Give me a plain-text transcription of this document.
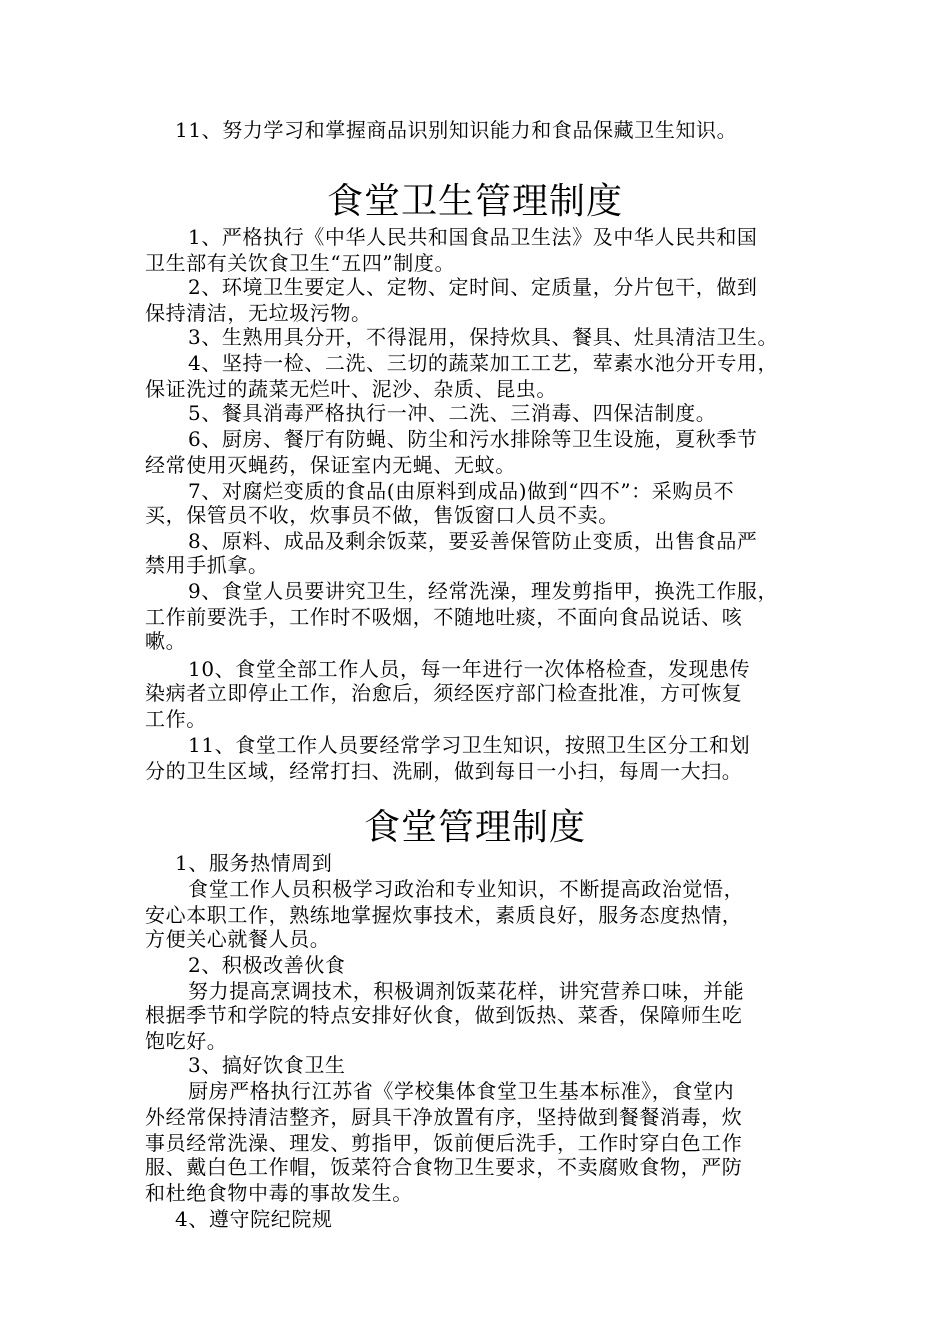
11、努力学习和掌握商品识别知识能力和食品保藏卫生知识。
食堂卫生管理制度
1、严格执行《中华人民共和国食品卫生法》及中华人民共和国
卫生部有关饮食卫生“五四”制度。
2、环境卫生要定人、定物、定时间、定质量，分片包干，做到
保持清洁，无垃圾污物。
3、生熟用具分开，不得混用，保持炊具、餐具、灶具清洁卫生。
4、坚持一检、二洗、三切的蔬菜加工工艺，荤素水池分开专用，
保证洗过的蔬菜无烂叶、泥沙、杂质、昆虫。
5、餐具消毒严格执行一冲、二洗、三消毒、四保洁制度。
6、厨房、餐厅有防蝇、防尘和污水排除等卫生设施，夏秋季节
经常使用灭蝇药，保证室内无蝇、无蚊。
7、对腐烂变质的食品(由原料到成品)做到“四不”：采购员不
买，保管员不收，炊事员不做，售饭窗口人员不卖。
8、原料、成品及剩余饭菜，要妥善保管防止变质，出售食品严
禁用手抓拿。
9、食堂人员要讲究卫生，经常洗澡，理发剪指甲，换洗工作服，
工作前要洗手，工作时不吸烟，不随地吐痰，不面向食品说话、咳
嗽。
10、食堂全部工作人员，每一年进行一次体格检查，发现患传
染病者立即停止工作，治愈后，须经医疗部门检查批准，方可恢复
工作。
11、食堂工作人员要经常学习卫生知识，按照卫生区分工和划
分的卫生区域，经常打扫、洗刷，做到每日一小扫，每周一大扫。
食堂管理制度
1、服务热情周到
食堂工作人员积极学习政治和专业知识，不断提高政治觉悟，
安心本职工作，熟练地掌握炊事技术，素质良好，服务态度热情，
方便关心就餐人员。
2、积极改善伙食
努力提高烹调技术，积极调剂饭菜花样，讲究营养口味，并能
根据季节和学院的特点安排好伙食，做到饭热、菜香，保障师生吃
饱吃好。
3、搞好饮食卫生
厨房严格执行江苏省《学校集体食堂卫生基本标准》，食堂内
外经常保持清洁整齐，厨具干净放置有序，坚持做到餐餐消毒，炊
事员经常洗澡、理发、剪指甲，饭前便后洗手，工作时穿白色工作
服、戴白色工作帽，饭菜符合食物卫生要求，不卖腐败食物，严防
和杜绝食物中毒的事故发生。
4、遵守院纪院规
